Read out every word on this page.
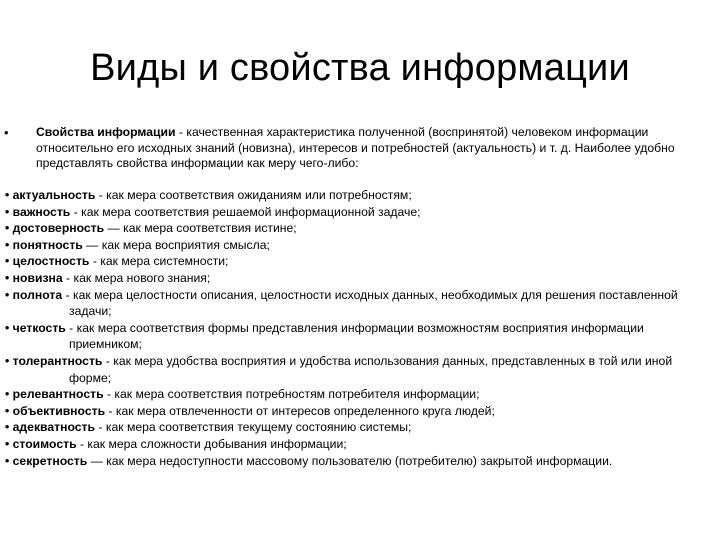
Виды и свойства информации
• Свойства информации - качественная характеристика полученной (воспринятой) человеком информации относительно его исходных знаний (новизна), интересов и потребностей (актуальность) и т. д. Наиболее удобно представлять свойства информации как меру чего-либо:
• актуальность - как мера соответствия ожиданиям или потребностям;
• важность - как мера соответствия решаемой информационной задаче;
• достоверность — как мера соответствия истине;
• понятность — как мера восприятия смысла;
• целостность - как мера системности;
• новизна - как мера нового знания;
• полнота - как мера целостности описания, целостности исходных данных, необходимых для решения поставленной задачи;
• четкость - как мера соответствия формы представления информации возможностям восприятия информации приемником;
• толерантность - как мера удобства восприятия и удобства использования данных, представленных в той или иной форме;
• релевантность - как мера соответствия потребностям потребителя информации;
• объективность - как мера отвлеченности от интересов определенного круга людей;
• адекватность - как мера соответствия текущему состоянию системы;
• стоимость - как мера сложности добывания информации;
• секретность — как мера недоступности массовому пользователю (потребителю) закрытой информации.
